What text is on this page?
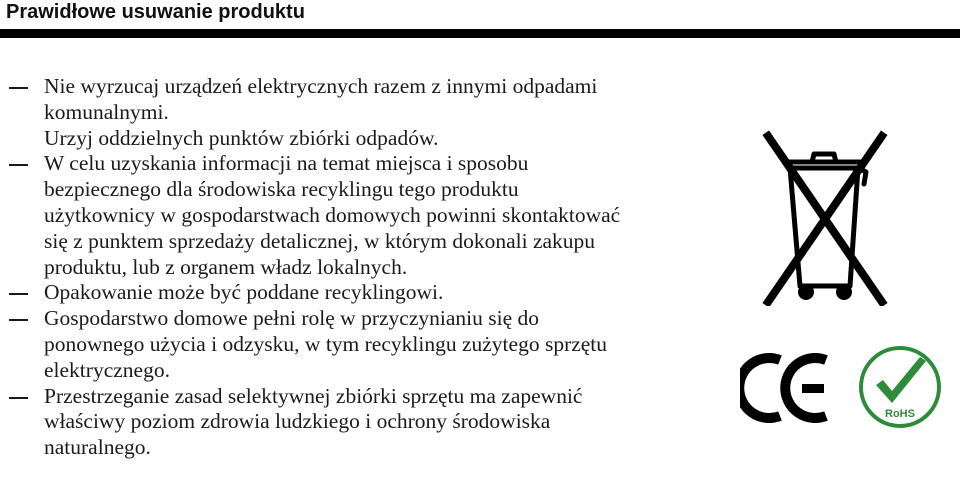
Prawidłowe usuwanie produktu
Nie wyrzucaj urządzeń elektrycznych razem z innymi odpadami
komunalnymi.
Urzyj oddzielnych punktów zbiórki odpadów.
W celu uzyskania informacji na temat miejsca i sposobu
bezpiecznego dla środowiska recyklingu tego produktu
użytkownicy w gospodarstwach domowych powinni skontaktować
się z punktem sprzedaży detalicznej, w którym dokonali zakupu
produktu, lub z organem władz lokalnych.
Opakowanie może być poddane recyklingowi.
Gospodarstwo domowe pełni rolę w przyczynianiu się do
ponownego użycia i odzysku, w tym recyklingu zużytego sprzętu
elektrycznego.
Przestrzeganie zasad selektywnej zbiórki sprzętu ma zapewnić
właściwy poziom zdrowia ludzkiego i ochrony środowiska
naturalnego.
RoHS
